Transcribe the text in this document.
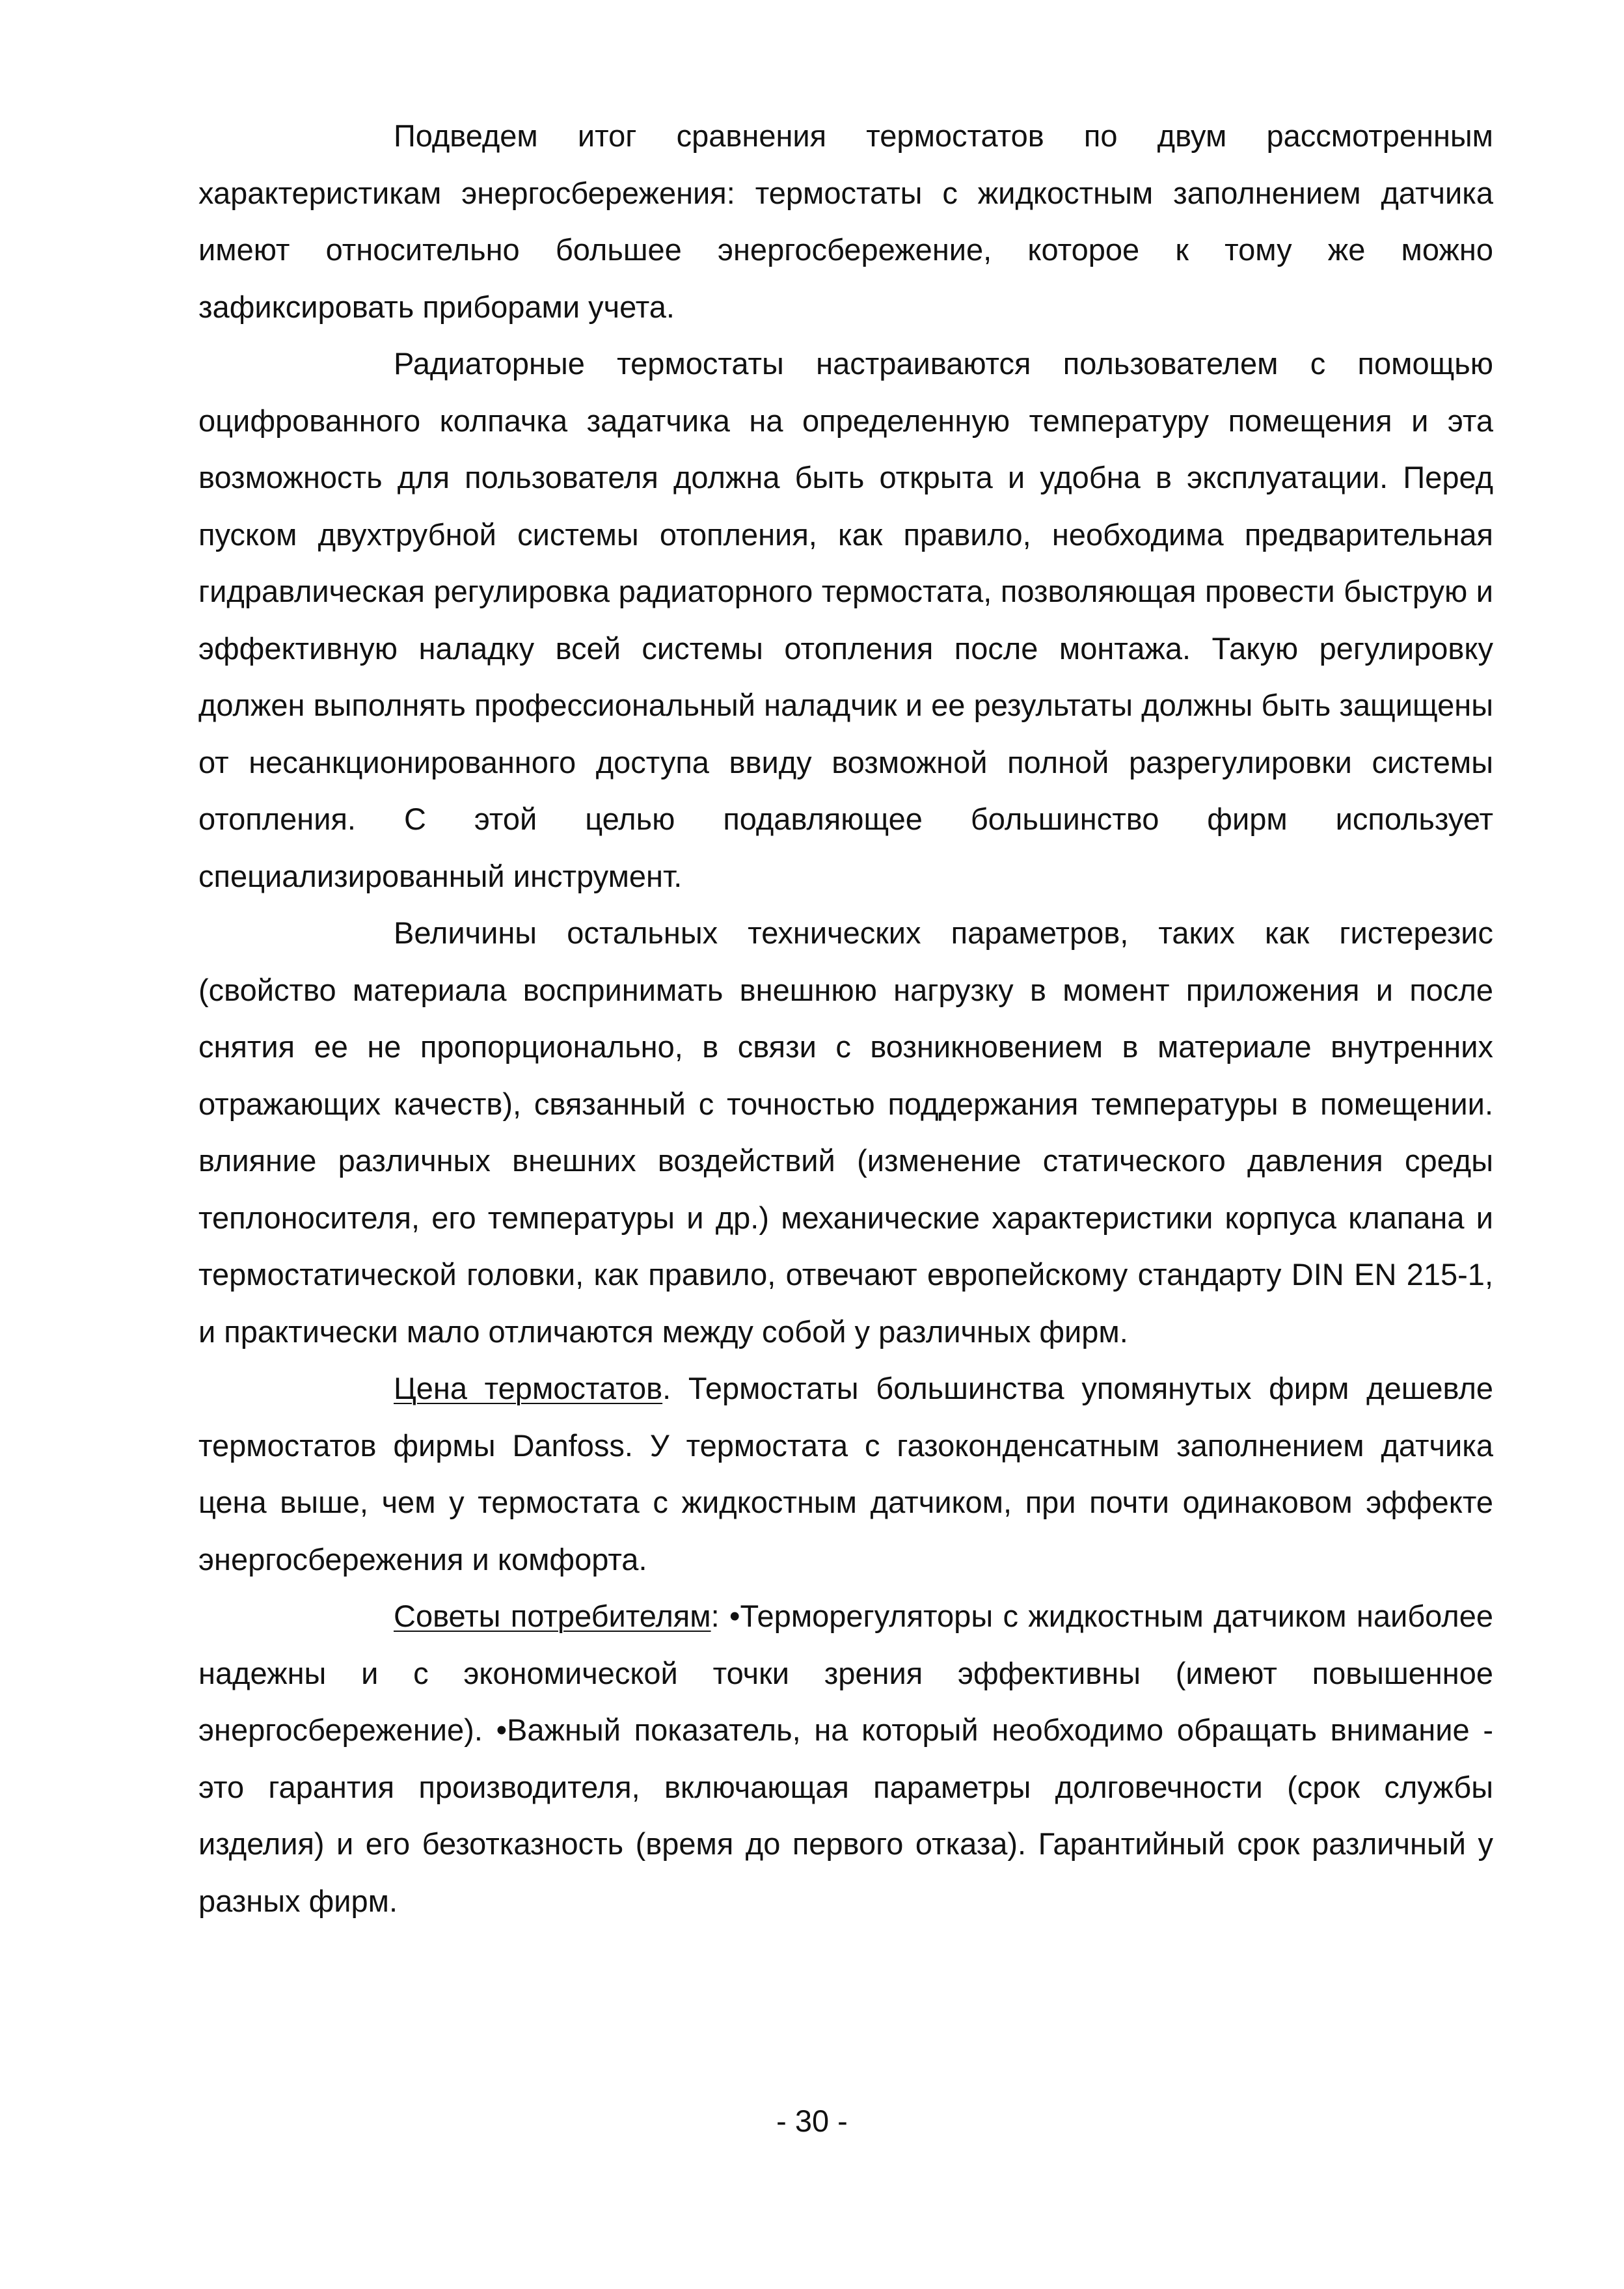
Подведем итог сравнения термостатов по двум рассмотренным характеристикам энергосбережения: термостаты с жидкостным заполнением датчика имеют относительно большее энергосбережение, которое к тому же можно зафиксировать приборами учета.

Радиаторные термостаты настраиваются пользователем с помощью оцифрованного колпачка задатчика на определенную температуру помещения и эта возможность для пользователя должна быть открыта и удобна в эксплуатации. Перед пуском двухтрубной системы отопления, как правило, необходима предварительная гидравлическая регулировка радиаторного термостата, позволяющая провести быструю и эффективную наладку всей системы отопления после монтажа. Такую регулировку должен выполнять профессиональный наладчик и ее результаты должны быть защищены от несанкционированного доступа ввиду возможной полной разрегулировки системы отопления. С этой целью подавляющее большинство фирм использует специализированный инструмент.

Величины остальных технических параметров, таких как гистерезис (свойство материала воспринимать внешнюю нагрузку в момент приложения и после снятия ее не пропорционально, в связи с возникновением в материале внутренних отражающих качеств), связанный с точностью поддержания температуры в помещении. влияние различных внешних воздействий (изменение статического давления среды теплоносителя, его температуры и др.) механические характеристики корпуса клапана и термостатической головки, как правило, отвечают европейскому стандарту DIN EN 215-1, и практически мало отличаются между собой у различных фирм.

Цена термостатов. Термостаты большинства упомянутых фирм дешевле термостатов фирмы Danfoss. У термостата с газоконденсатным заполнением датчика цена выше, чем у термостата с жидкостным датчиком, при почти одинаковом эффекте энергосбережения и комфорта.

Советы потребителям: •Терморегуляторы с жидкостным датчиком наиболее надежны и с экономической точки зрения эффективны (имеют повышенное энергосбережение). •Важный показатель, на который необходимо обращать внимание - это гарантия производителя, включающая параметры долговечности (срок службы изделия) и его безотказность (время до первого отказа). Гарантийный срок различный у разных фирм.

- 30 -
